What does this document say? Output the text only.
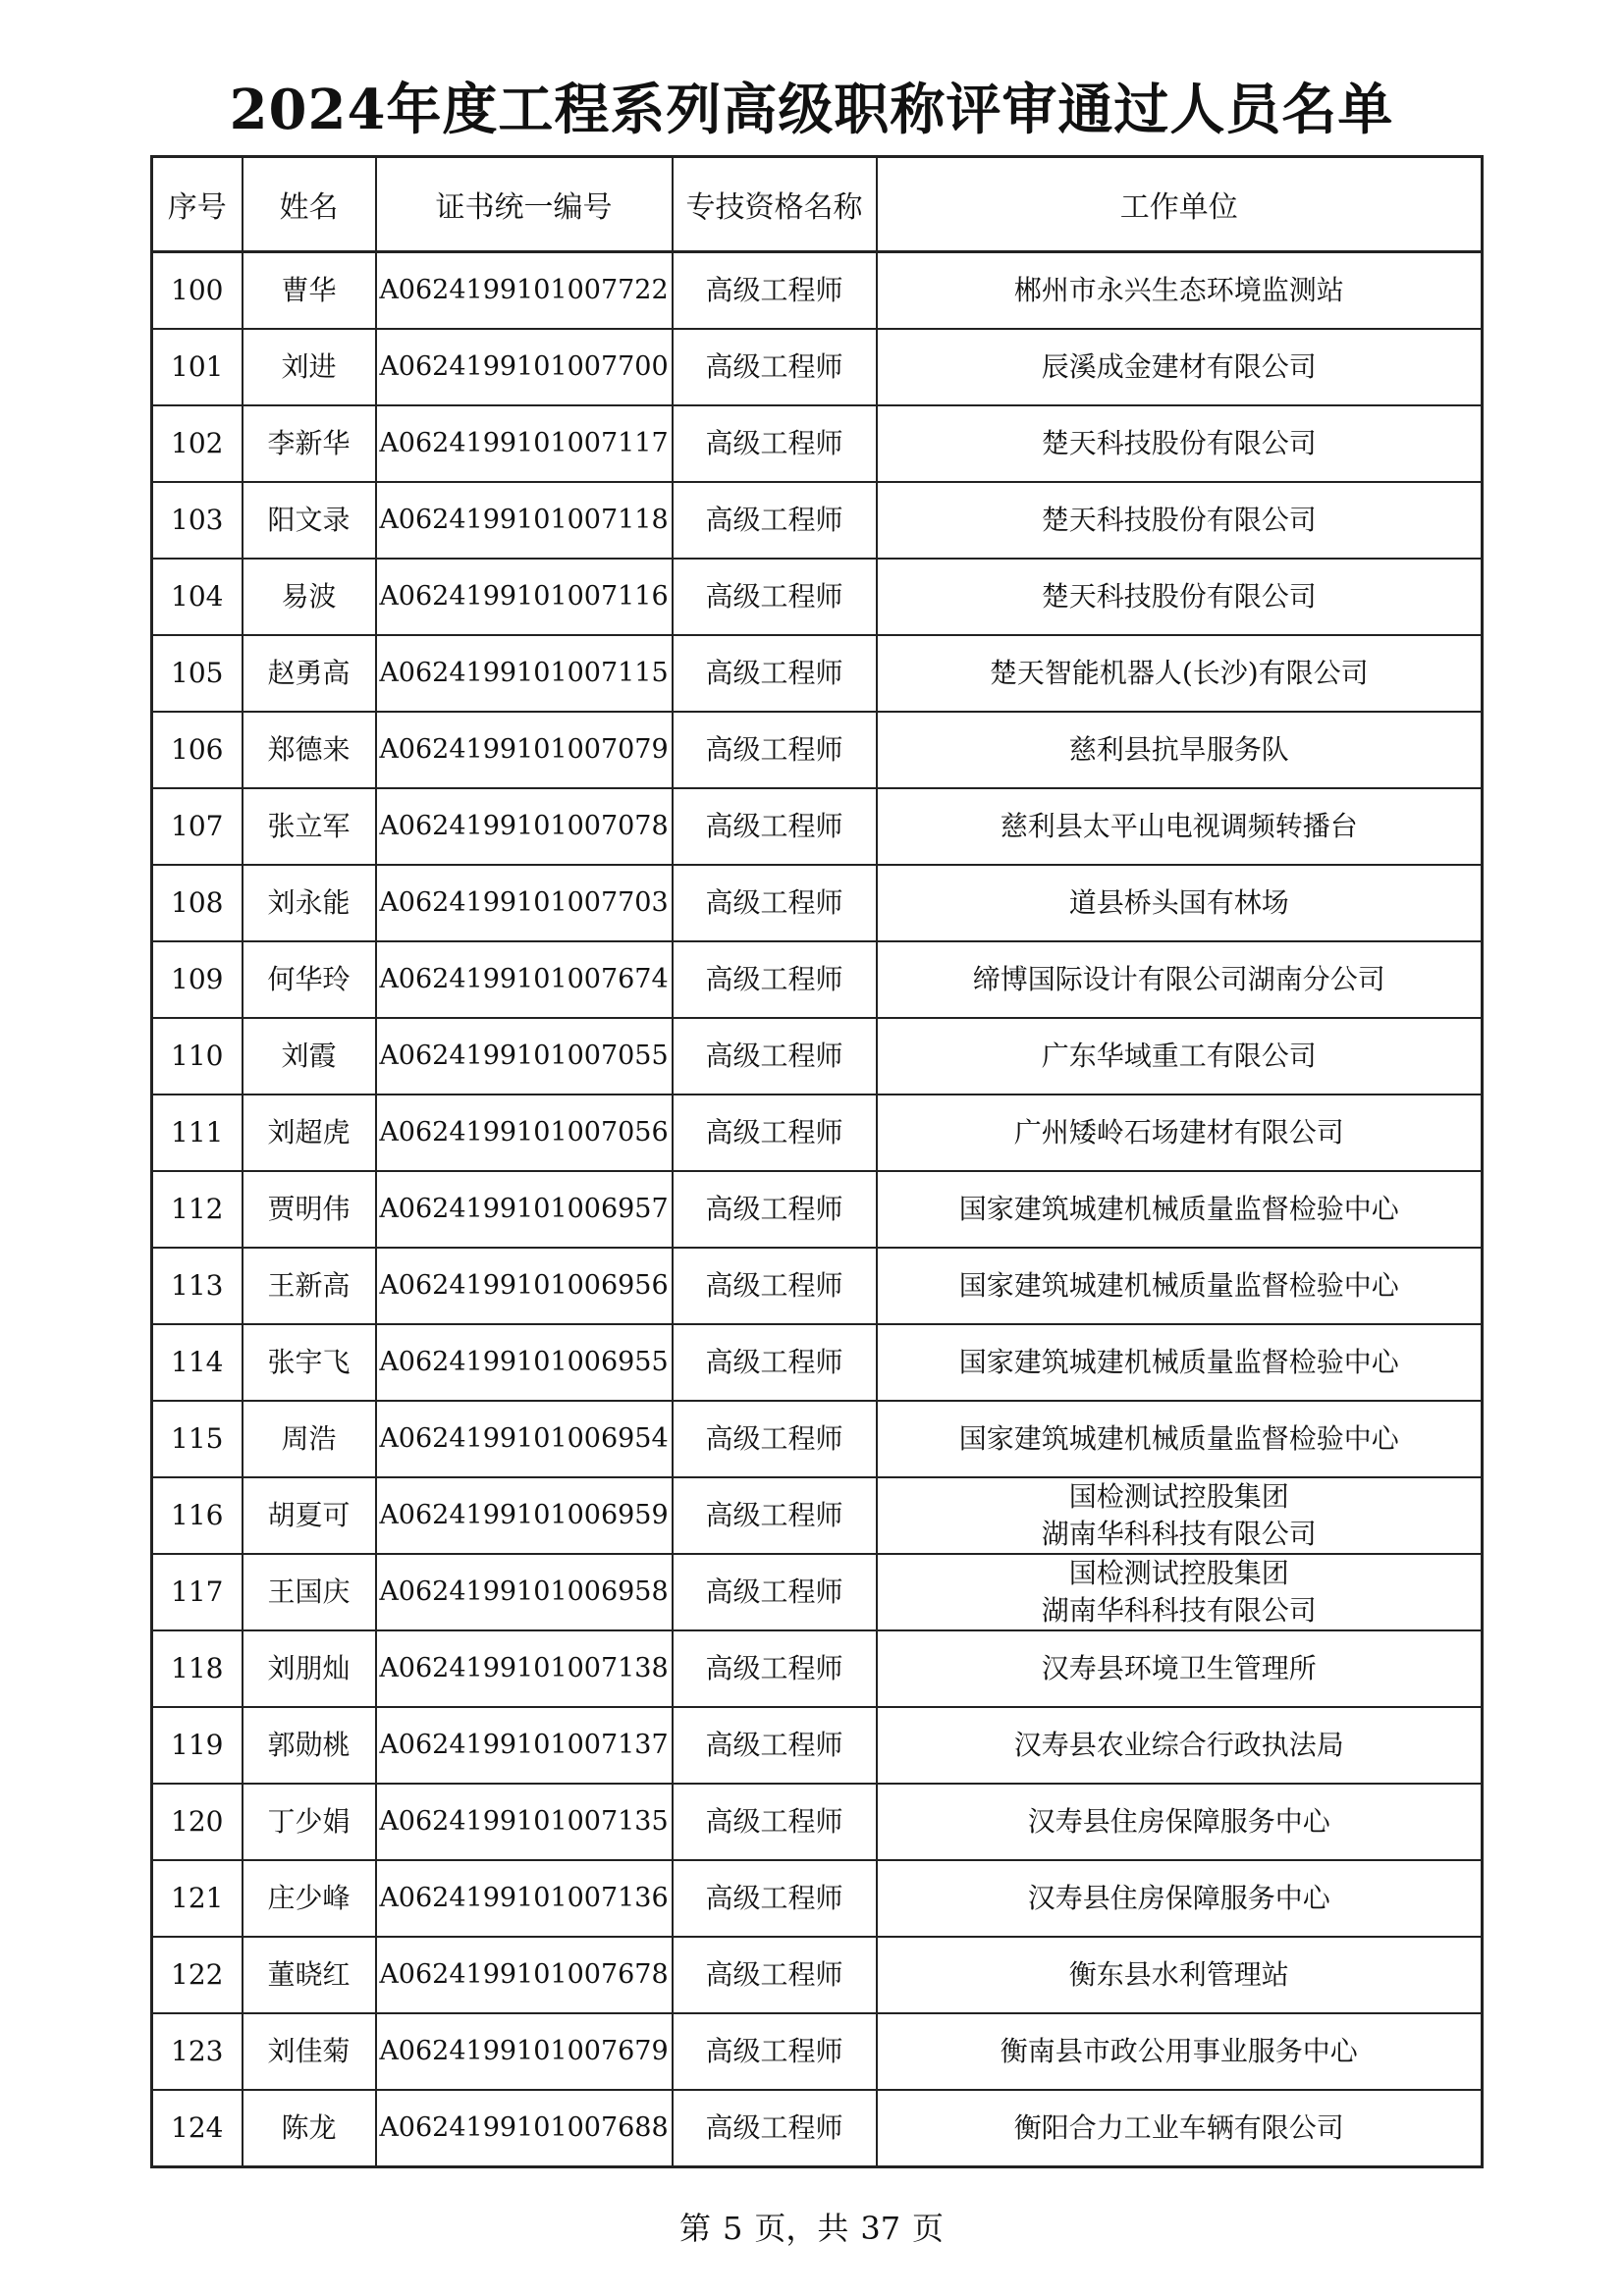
2024年度工程系列高级职称评审通过人员名单
序号	姓名	证书统一编号	专技资格名称	工作单位
100	曹华	A0624199101007722	高级工程师	郴州市永兴生态环境监测站

101	刘进	A0624199101007700	高级工程师	辰溪成金建材有限公司

102	李新华	A0624199101007117	高级工程师	楚天科技股份有限公司

103	阳文录	A0624199101007118	高级工程师	楚天科技股份有限公司

104	易波	A0624199101007116	高级工程师	楚天科技股份有限公司

105	赵勇高	A0624199101007115	高级工程师	楚天智能机器人(长沙)有限公司

106	郑德来	A0624199101007079	高级工程师	慈利县抗旱服务队

107	张立军	A0624199101007078	高级工程师	慈利县太平山电视调频转播台

108	刘永能	A0624199101007703	高级工程师	道县桥头国有林场

109	何华玲	A0624199101007674	高级工程师	缔博国际设计有限公司湖南分公司

110	刘霞	A0624199101007055	高级工程师	广东华域重工有限公司

111	刘超虎	A0624199101007056	高级工程师	广州矮岭石场建材有限公司

112	贾明伟	A0624199101006957	高级工程师	国家建筑城建机械质量监督检验中心

113	王新高	A0624199101006956	高级工程师	国家建筑城建机械质量监督检验中心

114	张宇飞	A0624199101006955	高级工程师	国家建筑城建机械质量监督检验中心

115	周浩	A0624199101006954	高级工程师	国家建筑城建机械质量监督检验中心

116	胡夏可	A0624199101006959	高级工程师	国检测试控股集团
湖南华科科技有限公司

117	王国庆	A0624199101006958	高级工程师	国检测试控股集团
湖南华科科技有限公司

118	刘朋灿	A0624199101007138	高级工程师	汉寿县环境卫生管理所

119	郭勋桃	A0624199101007137	高级工程师	汉寿县农业综合行政执法局

120	丁少娟	A0624199101007135	高级工程师	汉寿县住房保障服务中心

121	庄少峰	A0624199101007136	高级工程师	汉寿县住房保障服务中心

122	董晓红	A0624199101007678	高级工程师	衡东县水利管理站

123	刘佳菊	A0624199101007679	高级工程师	衡南县市政公用事业服务中心

124	陈龙	A0624199101007688	高级工程师	衡阳合力工业车辆有限公司
第 5 页，共 37 页
